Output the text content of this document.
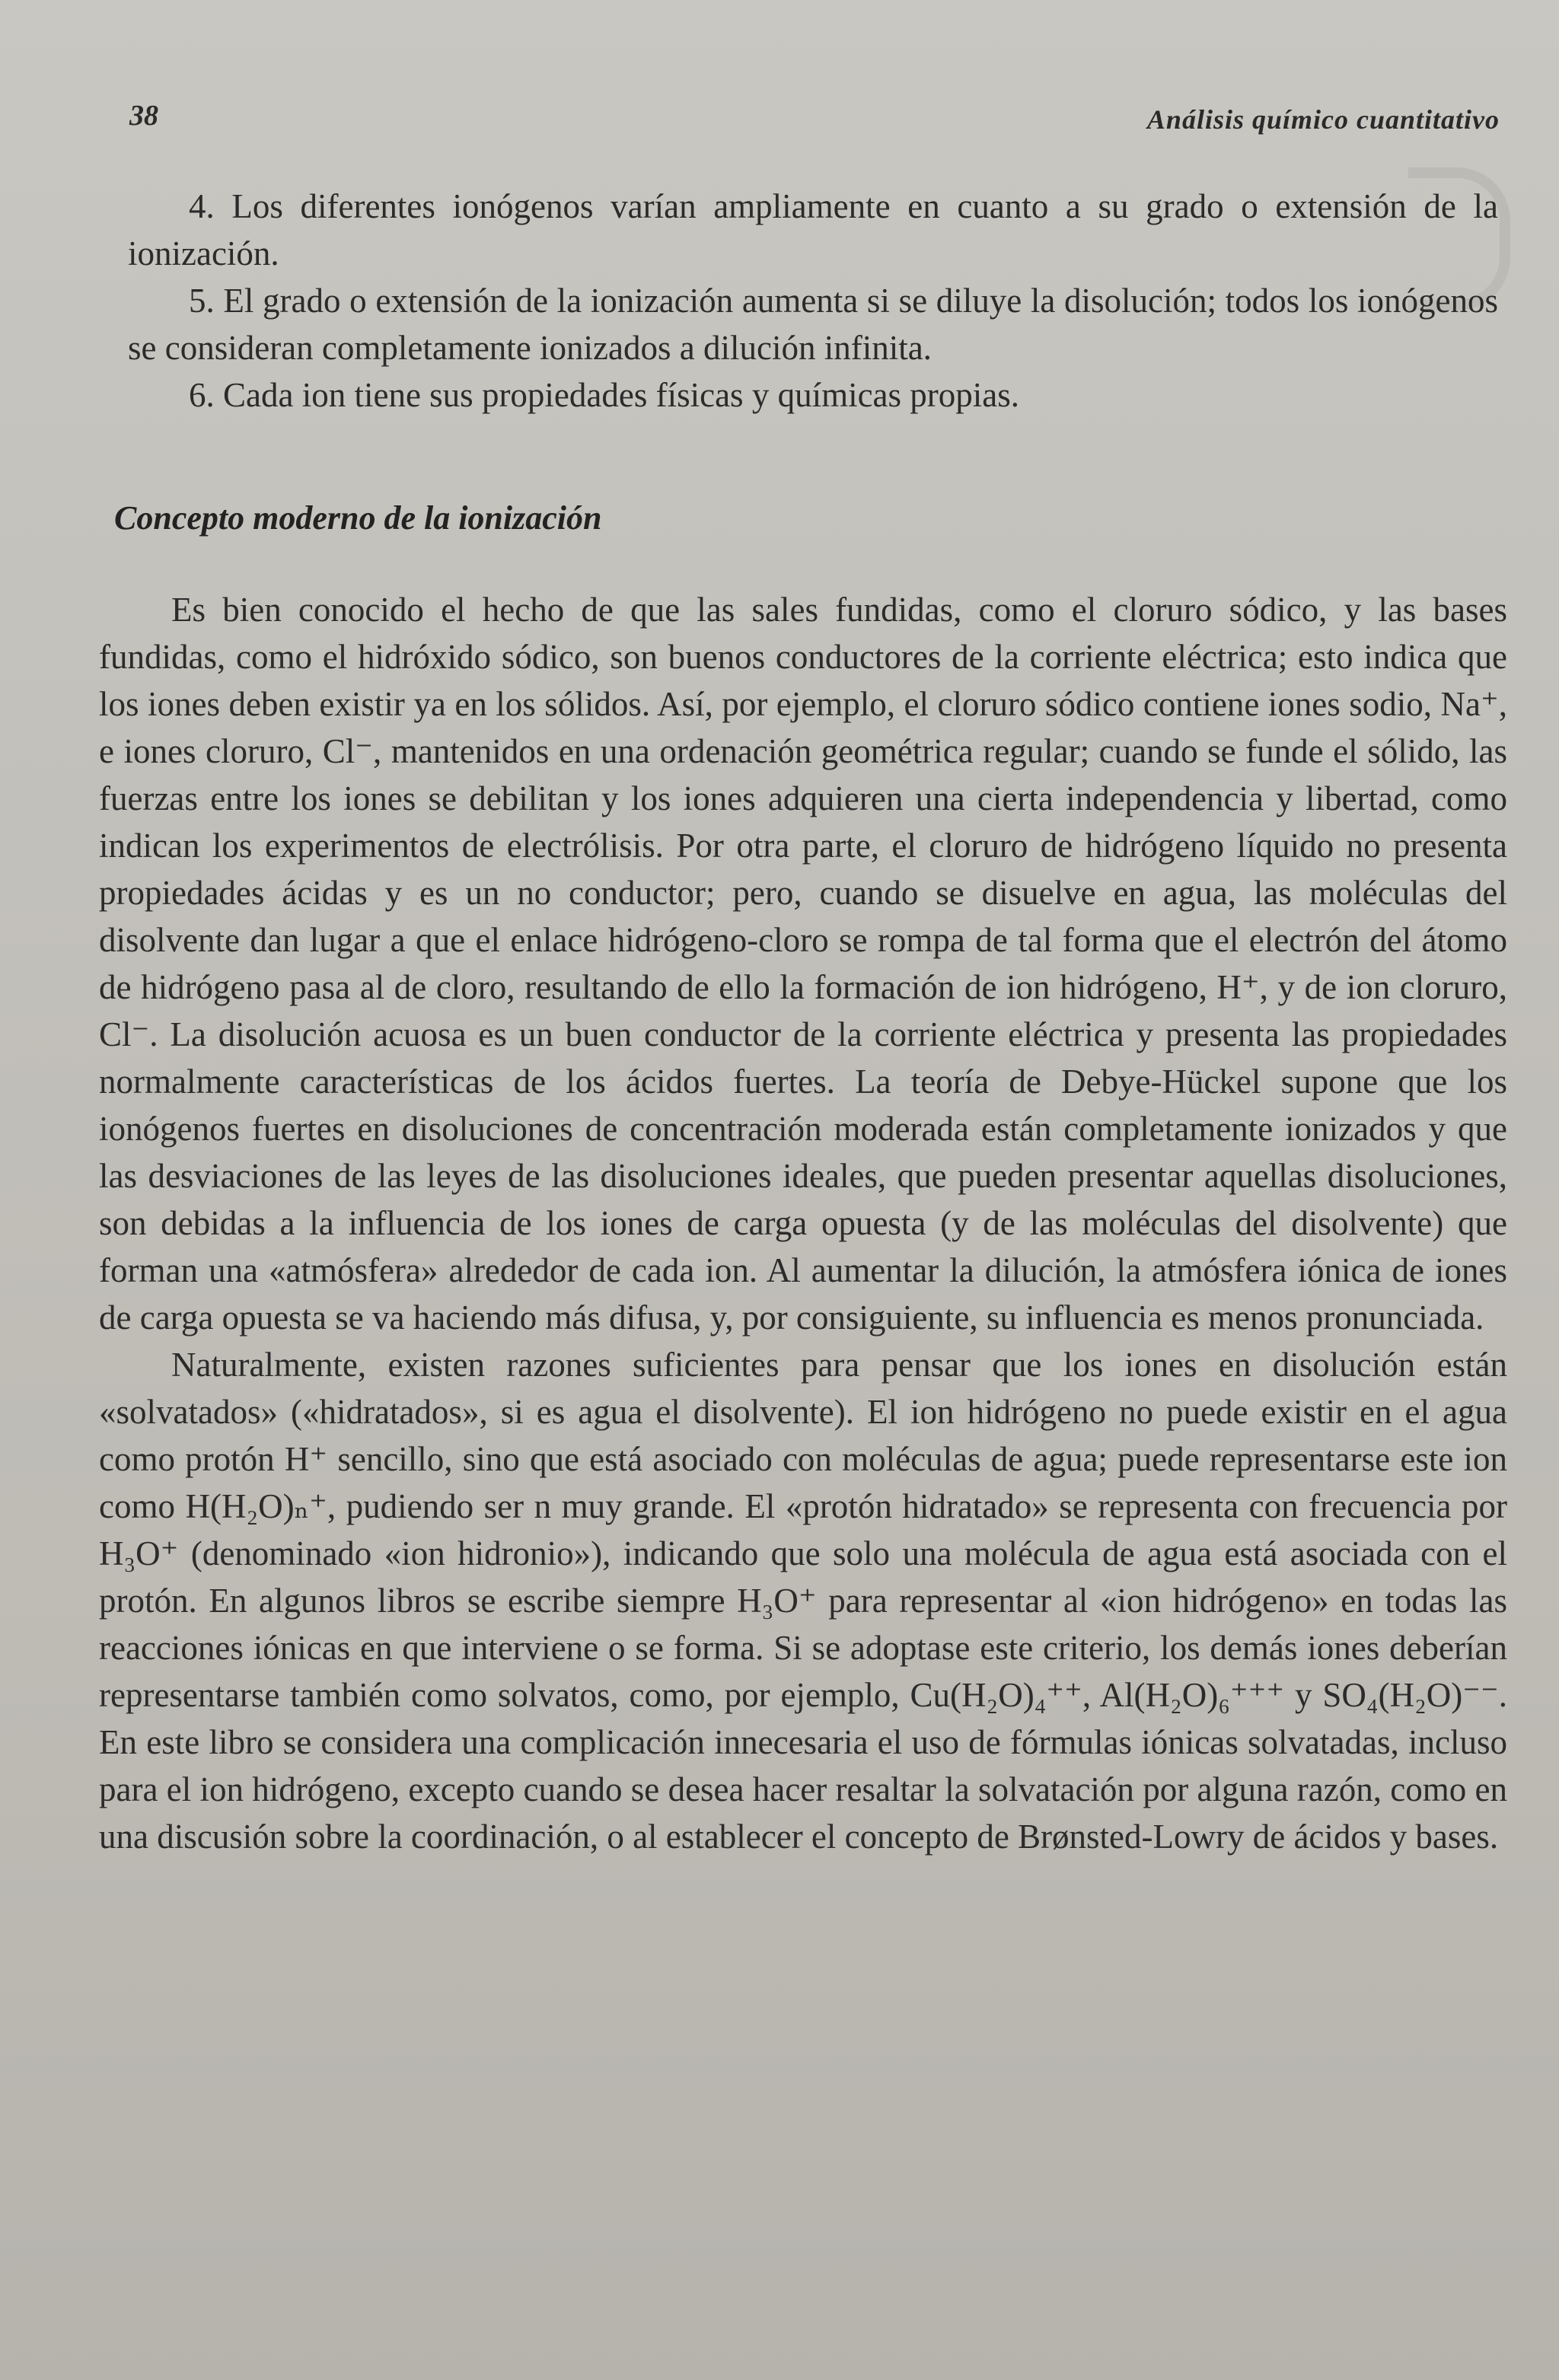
38	Análisis químico cuantitativo

4. Los diferentes ionógenos varían ampliamente en cuanto a su grado o extensión de la ionización.

5. El grado o extensión de la ionización aumenta si se diluye la disolución; todos los ionógenos se consideran completamente ionizados a dilución infinita.

6. Cada ion tiene sus propiedades físicas y químicas propias.

Concepto moderno de la ionización

Es bien conocido el hecho de que las sales fundidas, como el cloruro sódico, y las bases fundidas, como el hidróxido sódico, son buenos conductores de la corriente eléctrica; esto indica que los iones deben existir ya en los sólidos. Así, por ejemplo, el cloruro sódico contiene iones sodio, Na⁺, e iones cloruro, Cl⁻, mantenidos en una ordenación geométrica regular; cuando se funde el sólido, las fuerzas entre los iones se debilitan y los iones adquieren una cierta independencia y libertad, como indican los experimentos de electrólisis. Por otra parte, el cloruro de hidrógeno líquido no presenta propiedades ácidas y es un no conductor; pero, cuando se disuelve en agua, las moléculas del disolvente dan lugar a que el enlace hidrógeno-cloro se rompa de tal forma que el electrón del átomo de hidrógeno pasa al de cloro, resultando de ello la formación de ion hidrógeno, H⁺, y de ion cloruro, Cl⁻. La disolución acuosa es un buen conductor de la corriente eléctrica y presenta las propiedades normalmente características de los ácidos fuertes. La teoría de Debye-Hückel supone que los ionógenos fuertes en disoluciones de concentración moderada están completamente ionizados y que las desviaciones de las leyes de las disoluciones ideales, que pueden presentar aquellas disoluciones, son debidas a la influencia de los iones de carga opuesta (y de las moléculas del disolvente) que forman una «atmósfera» alrededor de cada ion. Al aumentar la dilución, la atmósfera iónica de iones de carga opuesta se va haciendo más difusa, y, por consiguiente, su influencia es menos pronunciada.

Naturalmente, existen razones suficientes para pensar que los iones en disolución están «solvatados» («hidratados», si es agua el disolvente). El ion hidrógeno no puede existir en el agua como protón H⁺ sencillo, sino que está asociado con moléculas de agua; puede representarse este ion como H(H₂O)ₙ⁺, pudiendo ser n muy grande. El «protón hidratado» se representa con frecuencia por H₃O⁺ (denominado «ion hidronio»), indicando que solo una molécula de agua está asociada con el protón. En algunos libros se escribe siempre H₃O⁺ para representar al «ion hidrógeno» en todas las reacciones iónicas en que interviene o se forma. Si se adoptase este criterio, los demás iones deberían representarse también como solvatos, como, por ejemplo, Cu(H₂O)₄⁺⁺, Al(H₂O)₆⁺⁺⁺ y SO₄(H₂O)⁻⁻. En este libro se considera una complicación innecesaria el uso de fórmulas iónicas solvatadas, incluso para el ion hidrógeno, excepto cuando se desea hacer resaltar la solvatación por alguna razón, como en una discusión sobre la coordinación, o al establecer el concepto de Brønsted-Lowry de ácidos y bases.
